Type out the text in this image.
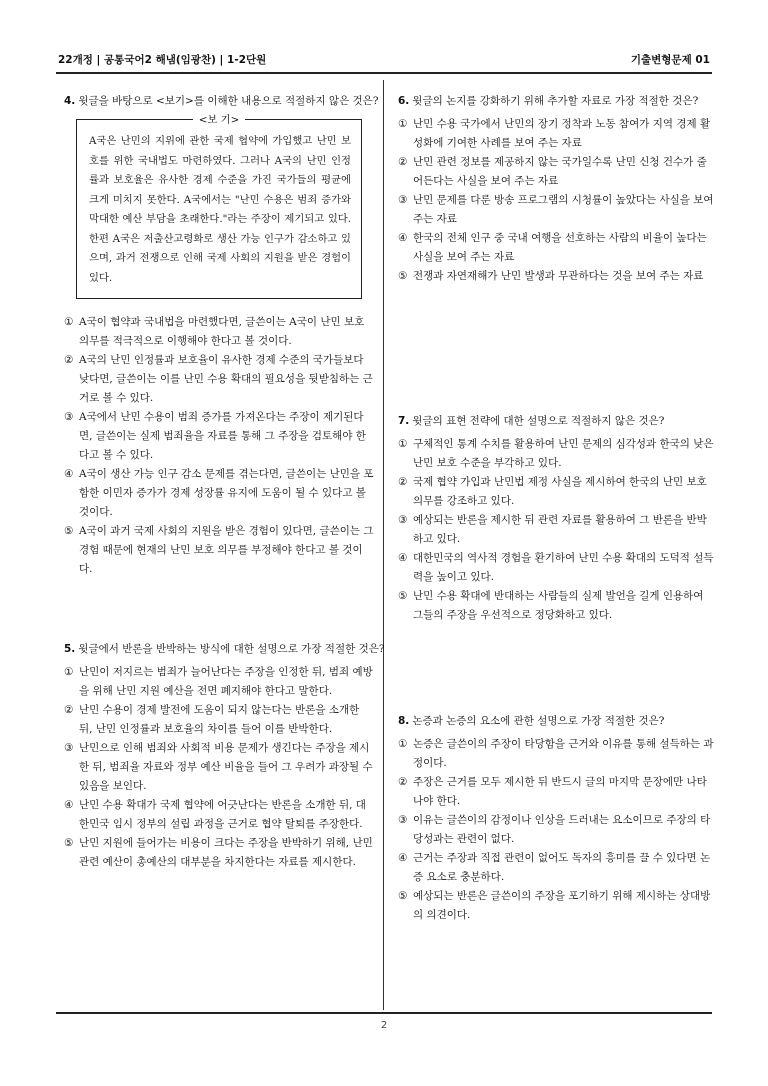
22개정 | 공통국어2 해냄(임광찬) | 1-2단원	기출변형문제 01
4. 윗글을 바탕으로 <보기>를 이해한 내용으로 적절하지 않은 것은?
<보 기>
A국은 난민의 지위에 관한 국제 협약에 가입했고 난민 보호를 위한 국내법도 마련하였다. 그러나 A국의 난민 인정률과 보호율은 유사한 경제 수준을 가진 국가들의 평균에 크게 미치지 못한다. A국에서는 "난민 수용은 범죄 증가와 막대한 예산 부담을 초래한다."라는 주장이 제기되고 있다. 한편 A국은 저출산고령화로 생산 가능 인구가 감소하고 있으며, 과거 전쟁으로 인해 국제 사회의 지원을 받은 경험이 있다.
① A국이 협약과 국내법을 마련했다면, 글쓴이는 A국이 난민 보호 의무를 적극적으로 이행해야 한다고 볼 것이다.
② A국의 난민 인정률과 보호율이 유사한 경제 수준의 국가들보다 낮다면, 글쓴이는 이를 난민 수용 확대의 필요성을 뒷받침하는 근거로 볼 수 있다.
③ A국에서 난민 수용이 범죄 증가를 가져온다는 주장이 제기된다면, 글쓴이는 실제 범죄율을 자료를 통해 그 주장을 검토해야 한다고 볼 수 있다.
④ A국이 생산 가능 인구 감소 문제를 겪는다면, 글쓴이는 난민을 포함한 이민자 증가가 경제 성장률 유지에 도움이 될 수 있다고 볼 것이다.
⑤ A국이 과거 국제 사회의 지원을 받은 경험이 있다면, 글쓴이는 그 경험 때문에 현재의 난민 보호 의무를 부정해야 한다고 볼 것이다.
5. 윗글에서 반론을 반박하는 방식에 대한 설명으로 가장 적절한 것은?
① 난민이 저지르는 범죄가 늘어난다는 주장을 인정한 뒤, 범죄 예방을 위해 난민 지원 예산을 전면 폐지해야 한다고 말한다.
② 난민 수용이 경제 발전에 도움이 되지 않는다는 반론을 소개한 뒤, 난민 인정률과 보호율의 차이를 들어 이를 반박한다.
③ 난민으로 인해 범죄와 사회적 비용 문제가 생긴다는 주장을 제시한 뒤, 범죄율 자료와 정부 예산 비율을 들어 그 우려가 과장될 수 있음을 보인다.
④ 난민 수용 확대가 국제 협약에 어긋난다는 반론을 소개한 뒤, 대한민국 임시 정부의 설립 과정을 근거로 협약 탈퇴를 주장한다.
⑤ 난민 지원에 들어가는 비용이 크다는 주장을 반박하기 위해, 난민 관련 예산이 총예산의 대부분을 차지한다는 자료를 제시한다.
6. 윗글의 논지를 강화하기 위해 추가할 자료로 가장 적절한 것은?
① 난민 수용 국가에서 난민의 장기 정착과 노동 참여가 지역 경제 활성화에 기여한 사례를 보여 주는 자료
② 난민 관련 정보를 제공하지 않는 국가일수록 난민 신청 건수가 줄어든다는 사실을 보여 주는 자료
③ 난민 문제를 다룬 방송 프로그램의 시청률이 높았다는 사실을 보여 주는 자료
④ 한국의 전체 인구 중 국내 여행을 선호하는 사람의 비율이 높다는 사실을 보여 주는 자료
⑤ 전쟁과 자연재해가 난민 발생과 무관하다는 것을 보여 주는 자료
7. 윗글의 표현 전략에 대한 설명으로 적절하지 않은 것은?
① 구체적인 통계 수치를 활용하여 난민 문제의 심각성과 한국의 낮은 난민 보호 수준을 부각하고 있다.
② 국제 협약 가입과 난민법 제정 사실을 제시하여 한국의 난민 보호 의무를 강조하고 있다.
③ 예상되는 반론을 제시한 뒤 관련 자료를 활용하여 그 반론을 반박하고 있다.
④ 대한민국의 역사적 경험을 환기하여 난민 수용 확대의 도덕적 설득력을 높이고 있다.
⑤ 난민 수용 확대에 반대하는 사람들의 실제 발언을 길게 인용하여 그들의 주장을 우선적으로 정당화하고 있다.
8. 논증과 논증의 요소에 관한 설명으로 가장 적절한 것은?
① 논증은 글쓴이의 주장이 타당함을 근거와 이유를 통해 설득하는 과정이다.
② 주장은 근거를 모두 제시한 뒤 반드시 글의 마지막 문장에만 나타나야 한다.
③ 이유는 글쓴이의 감정이나 인상을 드러내는 요소이므로 주장의 타당성과는 관련이 없다.
④ 근거는 주장과 직접 관련이 없어도 독자의 흥미를 끌 수 있다면 논증 요소로 충분하다.
⑤ 예상되는 반론은 글쓴이의 주장을 포기하기 위해 제시하는 상대방의 의견이다.
2
